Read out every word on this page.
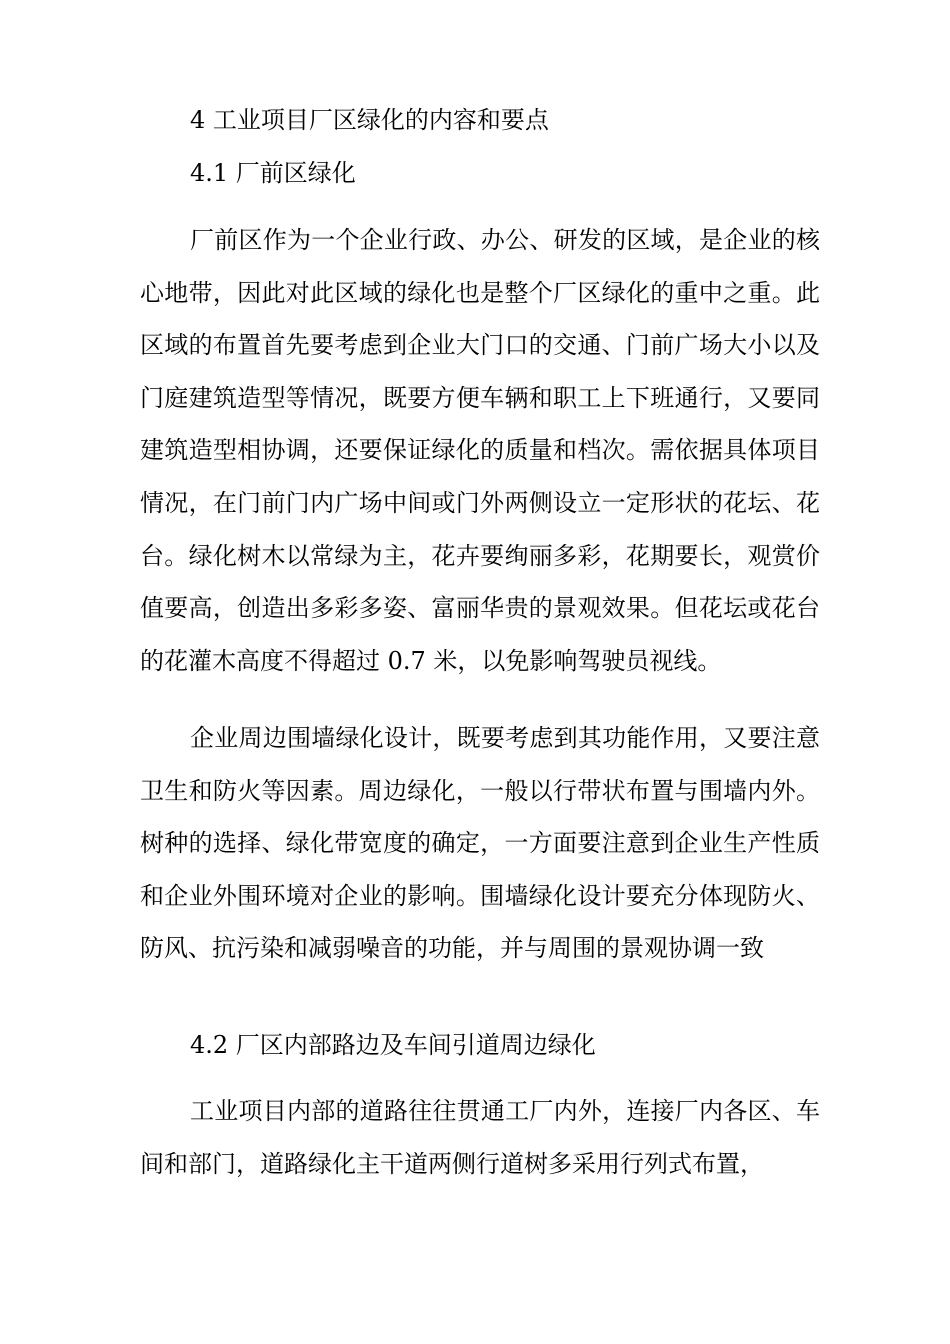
4 工业项目厂区绿化的内容和要点
4.1 厂前区绿化
厂前区作为一个企业行政、办公、研发的区域，是企业的核心地带，因此对此区域的绿化也是整个厂区绿化的重中之重。此区域的布置首先要考虑到企业大门口的交通、门前广场大小以及门庭建筑造型等情况，既要方便车辆和职工上下班通行，又要同建筑造型相协调，还要保证绿化的质量和档次。需依据具体项目情况，在门前门内广场中间或门外两侧设立一定形状的花坛、花台。绿化树木以常绿为主，花卉要绚丽多彩，花期要长，观赏价值要高，创造出多彩多姿、富丽华贵的景观效果。但花坛或花台的花灌木高度不得超过 0.7 米，以免影响驾驶员视线。
企业周边围墙绿化设计，既要考虑到其功能作用，又要注意卫生和防火等因素。周边绿化，一般以行带状布置与围墙内外。树种的选择、绿化带宽度的确定，一方面要注意到企业生产性质和企业外围环境对企业的影响。围墙绿化设计要充分体现防火、防风、抗污染和减弱噪音的功能，并与周围的景观协调一致
4.2 厂区内部路边及车间引道周边绿化
工业项目内部的道路往往贯通工厂内外，连接厂内各区、车间和部门，道路绿化主干道两侧行道树多采用行列式布置，
